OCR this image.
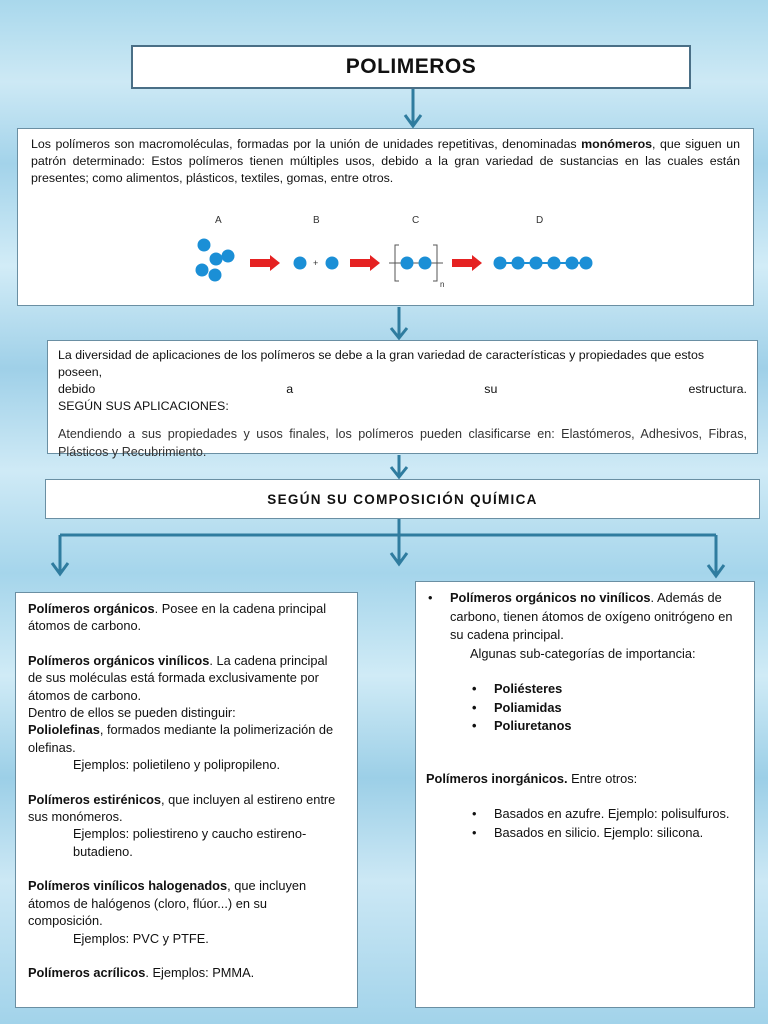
POLIMEROS
Los polímeros son macromoléculas, formadas por la unión de unidades repetitivas, denominadas monómeros, que siguen un patrón determinado: Estos polímeros tienen múltiples usos, debido a la gran variedad de sustancias en las cuales están presentes; como alimentos, plásticos, textiles, gomas, entre otros.
A	B	C	D
+
n
La diversidad de aplicaciones de los polímeros se debe a la gran variedad de características y propiedades que estos poseen,
debido a su estructura.
SEGÚN SUS APLICACIONES:
Atendiendo a sus propiedades y usos finales, los polímeros pueden clasificarse en: Elastómeros, Adhesivos, Fibras, Plásticos y Recubrimiento.
SEGÚN SU COMPOSICIÓN QUÍMICA

Polímeros orgánicos. Posee en la cadena principal átomos de carbono.

Polímeros orgánicos vinílicos. La cadena principal de sus moléculas está formada exclusivamente por átomos de carbono.

Dentro de ellos se pueden distinguir:

Poliolefinas, formados mediante la polimerización de olefinas.

Ejemplos: polietileno y polipropileno.

Polímeros estirénicos, que incluyen al estireno entre sus monómeros.

Ejemplos: poliestireno y caucho estireno-butadieno.

Polímeros vinílicos halogenados, que incluyen átomos de halógenos (cloro, flúor...) en su composición.

Ejemplos: PVC y PTFE.

Polímeros acrílicos. Ejemplos: PMMA.

• Polímeros orgánicos no vinílicos. Además de carbono, tienen átomos de oxígeno onitrógeno en su cadena principal.

Algunas sub-categorías de importancia:

• Poliésteres
• Poliamidas
• Poliuretanos

Polímeros inorgánicos. Entre otros:

• Basados en azufre. Ejemplo: polisulfuros.
• Basados en silicio. Ejemplo: silicona.
